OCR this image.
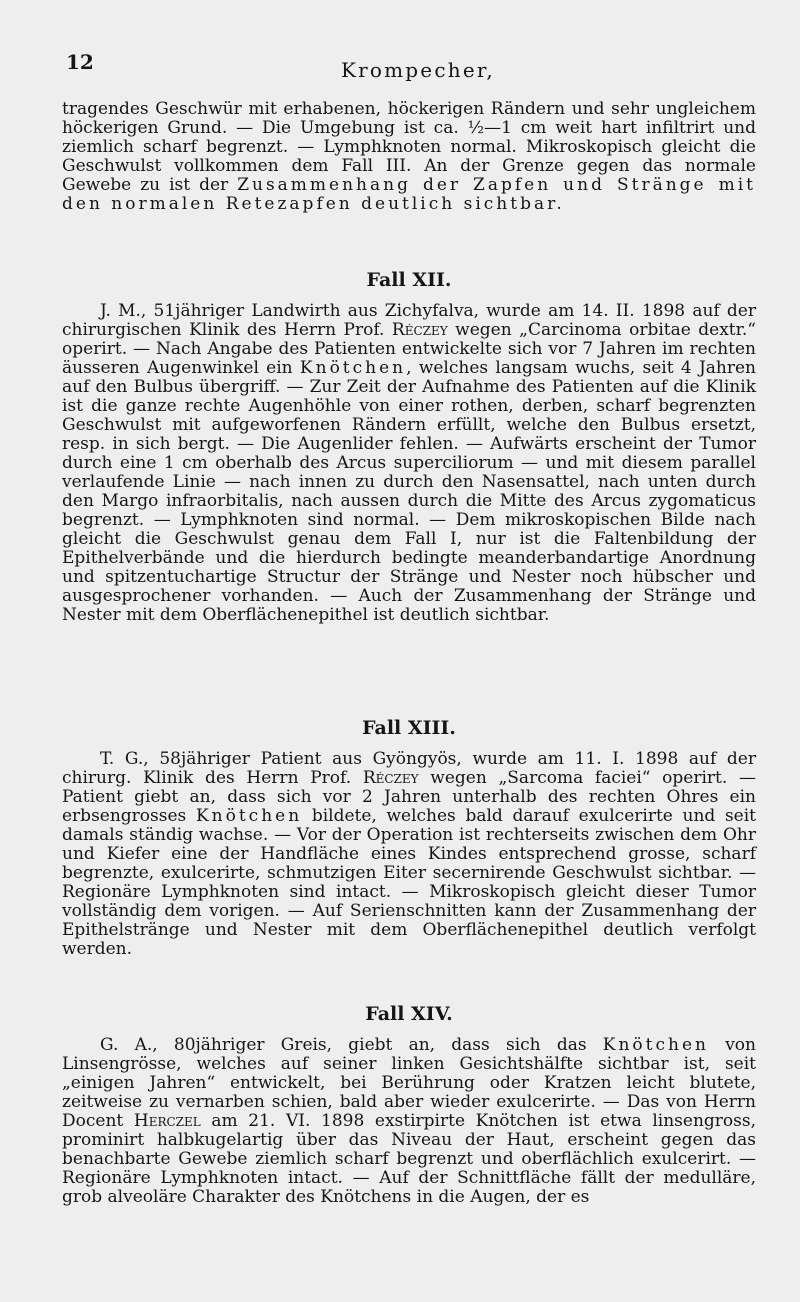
12	Krompecher,

tragendes Geschwür mit erhabenen, höckerigen Rändern und sehr ungleichem höckerigen Grund. — Die Umgebung ist ca. ½—1 cm weit hart infiltrirt und ziemlich scharf begrenzt. — Lymphknoten normal. Mikroskopisch gleicht die Geschwulst vollkommen dem Fall III. An der Grenze gegen das normale Gewebe zu ist der Zusammenhang der Zapfen und Stränge mit den normalen Retezapfen deutlich sichtbar.

Fall XII.

J. M., 51jähriger Landwirth aus Zichyfalva, wurde am 14. II. 1898 auf der chirurgischen Klinik des Herrn Prof. Réczey wegen „Carcinoma orbitae dextr.“ operirt. — Nach Angabe des Patienten entwickelte sich vor 7 Jahren im rechten äusseren Augenwinkel ein Knötchen, welches langsam wuchs, seit 4 Jahren auf den Bulbus übergriff. — Zur Zeit der Aufnahme des Patienten auf die Klinik ist die ganze rechte Augenhöhle von einer rothen, derben, scharf begrenzten Geschwulst mit aufgeworfenen Rändern erfüllt, welche den Bulbus ersetzt, resp. in sich bergt. — Die Augenlider fehlen. — Aufwärts erscheint der Tumor durch eine 1 cm oberhalb des Arcus superciliorum — und mit diesem parallel verlaufende Linie — nach innen zu durch den Nasensattel, nach unten durch den Margo infraorbitalis, nach aussen durch die Mitte des Arcus zygomaticus begrenzt. — Lymphknoten sind normal. — Dem mikroskopischen Bilde nach gleicht die Geschwulst genau dem Fall I, nur ist die Faltenbildung der Epithelverbände und die hierdurch bedingte meanderbandartige Anordnung und spitzentuchartige Structur der Stränge und Nester noch hübscher und ausgesprochener vorhanden. — Auch der Zusammenhang der Stränge und Nester mit dem Oberflächenepithel ist deutlich sichtbar.

Fall XIII.

T. G., 58jähriger Patient aus Gyöngyös, wurde am 11. I. 1898 auf der chirurg. Klinik des Herrn Prof. Réczey wegen „Sarcoma faciei“ operirt. — Patient giebt an, dass sich vor 2 Jahren unterhalb des rechten Ohres ein erbsengrosses Knötchen bildete, welches bald darauf exulcerirte und seit damals ständig wachse. — Vor der Operation ist rechterseits zwischen dem Ohr und Kiefer eine der Handfläche eines Kindes entsprechend grosse, scharf begrenzte, exulcerirte, schmutzigen Eiter secernirende Geschwulst sichtbar. — Regionäre Lymphknoten sind intact. — Mikroskopisch gleicht dieser Tumor vollständig dem vorigen. — Auf Serienschnitten kann der Zusammenhang der Epithelstränge und Nester mit dem Oberflächenepithel deutlich verfolgt werden.

Fall XIV.

G. A., 80jähriger Greis, giebt an, dass sich das Knötchen von Linsengrösse, welches auf seiner linken Gesichtshälfte sichtbar ist, seit „einigen Jahren“ entwickelt, bei Berührung oder Kratzen leicht blutete, zeitweise zu vernarben schien, bald aber wieder exulcerirte. — Das von Herrn Docent Herczel am 21. VI. 1898 exstirpirte Knötchen ist etwa linsengross, prominirt halbkugelartig über das Niveau der Haut, erscheint gegen das benachbarte Gewebe ziemlich scharf begrenzt und oberflächlich exulcerirt. — Regionäre Lymphknoten intact. — Auf der Schnittfläche fällt der medulläre, grob alveoläre Charakter des Knötchens in die Augen, der es
